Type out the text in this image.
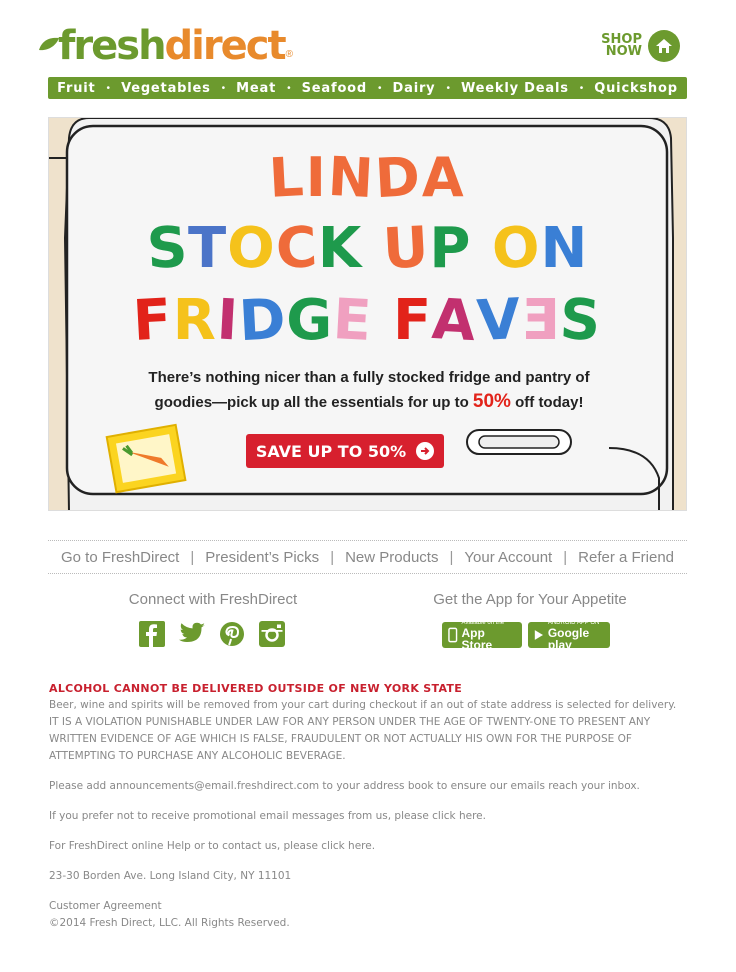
freshdirect ®
SHOP
NOW
Fruit • Vegetables • Meat • Seafood • Dairy • Weekly Deals • Quickshop
LINDA
STOCK UP ON
FRIDGE FAVƎS
There’s nothing nicer than a fully stocked fridge and pantry of
goodies—pick up all the essentials for up to 50% off today!
SAVE UP TO 50%
Go to FreshDirect | President’s Picks | New Products | Your Account | Refer a Friend
Connect with FreshDirect	Get the App for Your Appetite
Available on the
App Store
ANDROID APP ON
Google play

ALCOHOL CANNOT BE DELIVERED OUTSIDE OF NEW YORK STATE

Beer, wine and spirits will be removed from your cart during checkout if an out of state address is selected for delivery. IT IS A VIOLATION PUNISHABLE UNDER LAW FOR ANY PERSON UNDER THE AGE OF TWENTY-ONE TO PRESENT ANY WRITTEN EVIDENCE OF AGE WHICH IS FALSE, FRAUDULENT OR NOT ACTUALLY HIS OWN FOR THE PURPOSE OF ATTEMPTING TO PURCHASE ANY ALCOHOLIC BEVERAGE.

Please add announcements@email.freshdirect.com to your address book to ensure our emails reach your inbox.

If you prefer not to receive promotional email messages from us, please click here.

For FreshDirect online Help or to contact us, please click here.

23-30 Borden Ave. Long Island City, NY 11101

Customer Agreement

©2014 Fresh Direct, LLC. All Rights Reserved.
